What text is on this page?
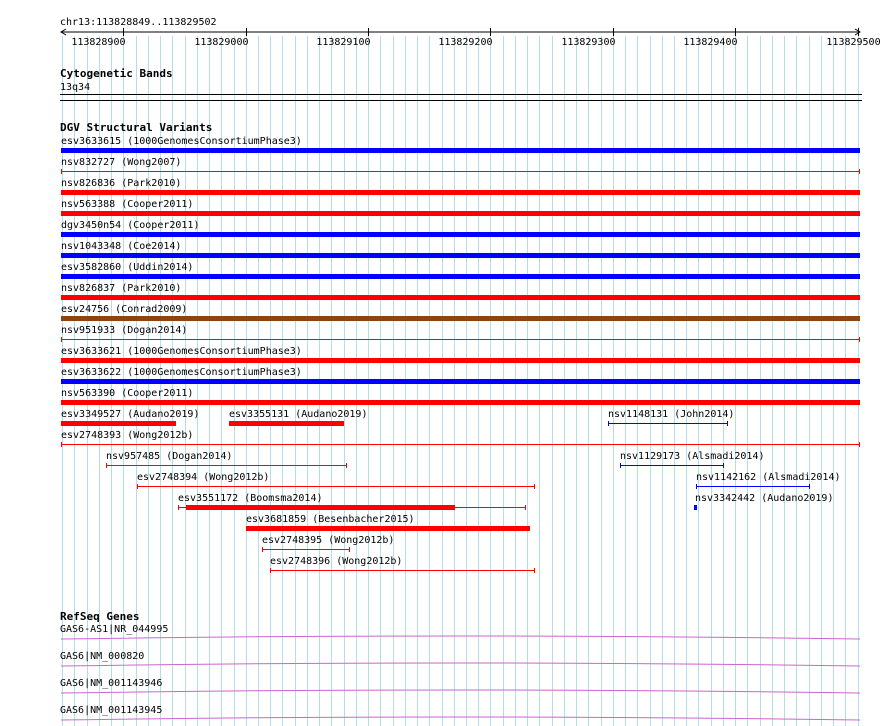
chr13:113828849..113829502
113828900	113829000	113829100	113829200	113829300	113829400	113829500
Cytogenetic Bands
13q34
DGV Structural Variants
esv3633615 (1000GenomesConsortiumPhase3)
nsv832727 (Wong2007)
nsv826836 (Park2010)
nsv563388 (Cooper2011)
dgv3450n54 (Cooper2011)
nsv1043348 (Coe2014)
esv3582860 (Uddin2014)
nsv826837 (Park2010)
esv24756 (Conrad2009)
nsv951933 (Dogan2014)
esv3633621 (1000GenomesConsortiumPhase3)
esv3633622 (1000GenomesConsortiumPhase3)
nsv563390 (Cooper2011)
esv3349527 (Audano2019)	esv3355131 (Audano2019)	nsv1148131 (John2014)
esv2748393 (Wong2012b)
nsv957485 (Dogan2014)	nsv1129173 (Alsmadi2014)
esv2748394 (Wong2012b)	nsv1142162 (Alsmadi2014)
esv3551172 (Boomsma2014)	nsv3342442 (Audano2019)
esv3681859 (Besenbacher2015)
esv2748395 (Wong2012b)
esv2748396 (Wong2012b)
RefSeq Genes
GAS6-AS1|NR_044995
GAS6|NM_000820
GAS6|NM_001143946
GAS6|NM_001143945
